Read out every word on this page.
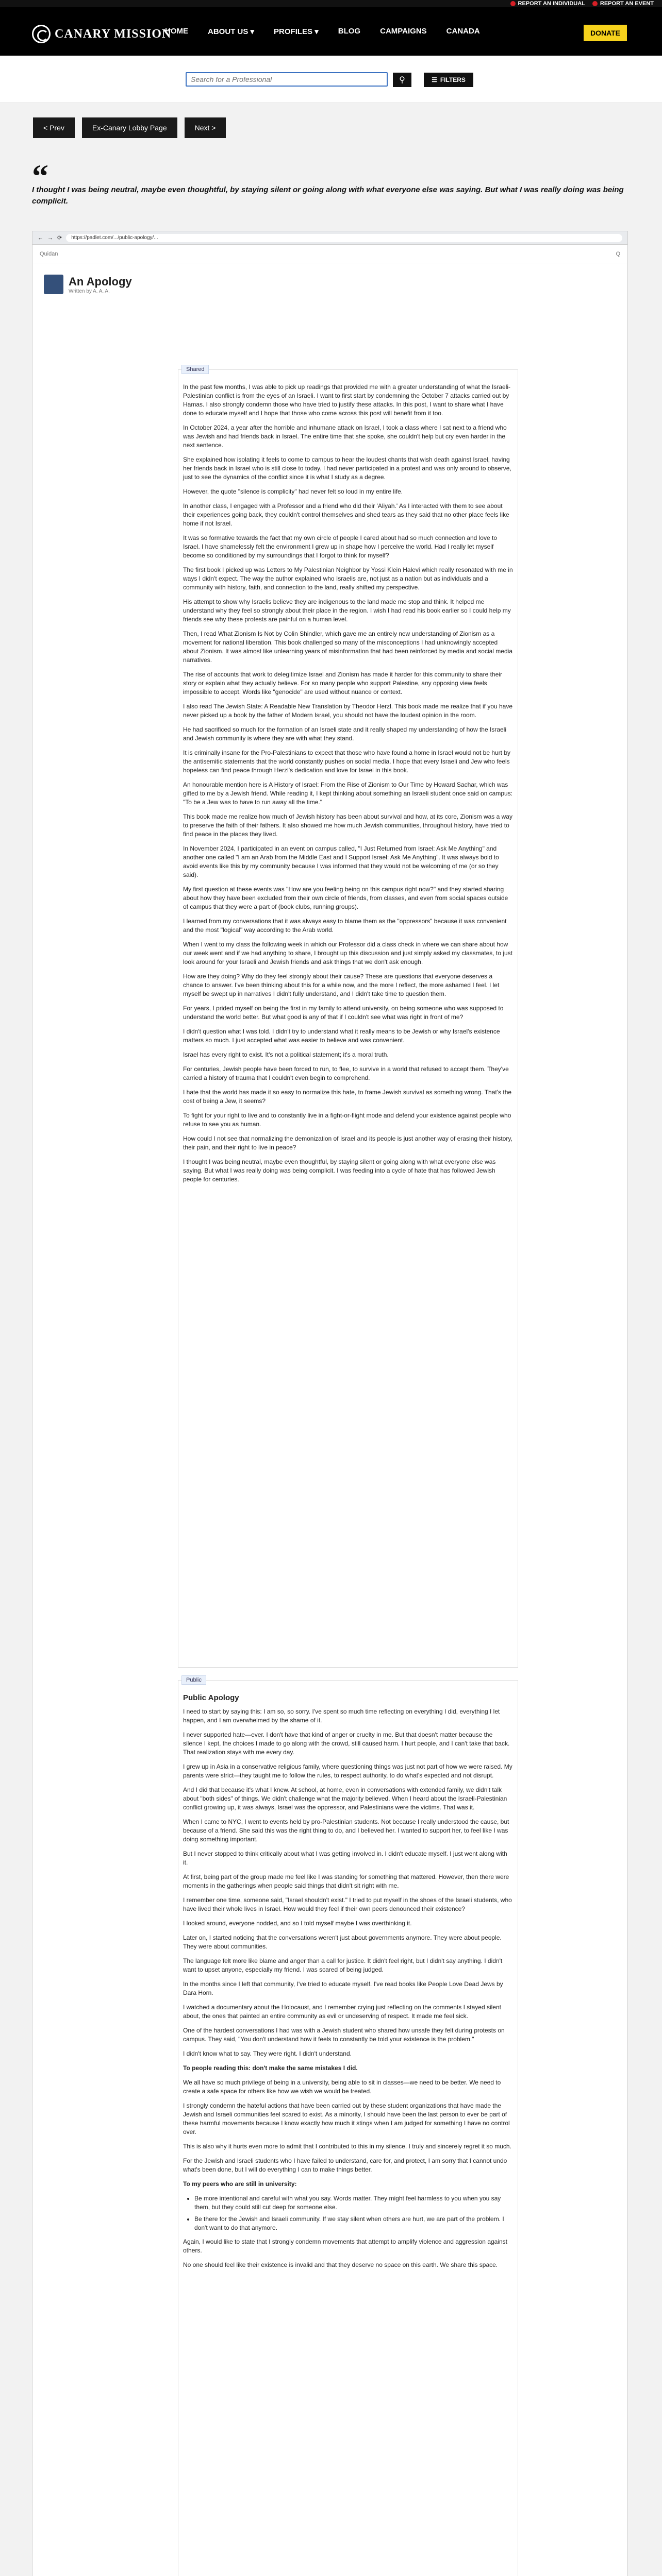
REPORT AN INDIVIDUAL	REPORT AN EVENT
CANARY MISSION
HOME	ABOUT US ▾	PROFILES ▾	BLOG	CAMPAIGNS	CANADA	DONATE
Search for a Professional
⚲	☰ FILTERS
< Prev	Ex-Canary Lobby Page	Next >
“
I thought I was being neutral, maybe even thoughtful, by staying silent or going along with what everyone else was saying. But what I was really doing was being complicit.
← → ⟳	https://padlet.com/.../public-apology/...
Quidan	Q
An Apology
Written by A. A. A.
Shared

In the past few months, I was able to pick up readings that provided me with a greater understanding of what the Israeli-Palestinian conflict is from the eyes of an Israeli. I want to first start by condemning the October 7 attacks carried out by Hamas. I also strongly condemn those who have tried to justify these attacks. In this post, I want to share what I have done to educate myself and I hope that those who come across this post will benefit from it too.

In October 2024, a year after the horrible and inhumane attack on Israel, I took a class where I sat next to a friend who was Jewish and had friends back in Israel. The entire time that she spoke, she couldn't help but cry even harder in the next sentence.

She explained how isolating it feels to come to campus to hear the loudest chants that wish death against Israel, having her friends back in Israel who is still close to today. I had never participated in a protest and was only around to observe, just to see the dynamics of the conflict since it is what I study as a degree.

However, the quote "silence is complicity" had never felt so loud in my entire life.

In another class, I engaged with a Professor and a friend who did their 'Aliyah.' As I interacted with them to see about their experiences going back, they couldn't control themselves and shed tears as they said that no other place feels like home if not Israel.

It was so formative towards the fact that my own circle of people I cared about had so much connection and love to Israel. I have shamelessly felt the environment I grew up in shape how I perceive the world. Had I really let myself become so conditioned by my surroundings that I forgot to think for myself?

The first book I picked up was Letters to My Palestinian Neighbor by Yossi Klein Halevi which really resonated with me in ways I didn't expect. The way the author explained who Israelis are, not just as a nation but as individuals and a community with history, faith, and connection to the land, really shifted my perspective.

His attempt to show why Israelis believe they are indigenous to the land made me stop and think. It helped me understand why they feel so strongly about their place in the region. I wish I had read his book earlier so I could help my friends see why these protests are painful on a human level.

Then, I read What Zionism Is Not by Colin Shindler, which gave me an entirely new understanding of Zionism as a movement for national liberation. This book challenged so many of the misconceptions I had unknowingly accepted about Zionism. It was almost like unlearning years of misinformation that had been reinforced by media and social media narratives.

The rise of accounts that work to delegitimize Israel and Zionism has made it harder for this community to share their story or explain what they actually believe. For so many people who support Palestine, any opposing view feels impossible to accept. Words like "genocide" are used without nuance or context.

I also read The Jewish State: A Readable New Translation by Theodor Herzl. This book made me realize that if you have never picked up a book by the father of Modern Israel, you should not have the loudest opinion in the room.

He had sacrificed so much for the formation of an Israeli state and it really shaped my understanding of how the Israeli and Jewish community is where they are with what they stand.

It is criminally insane for the Pro-Palestinians to expect that those who have found a home in Israel would not be hurt by the antisemitic statements that the world constantly pushes on social media. I hope that every Israeli and Jew who feels hopeless can find peace through Herzl's dedication and love for Israel in this book.

An honourable mention here is A History of Israel: From the Rise of Zionism to Our Time by Howard Sachar, which was gifted to me by a Jewish friend. While reading it, I kept thinking about something an Israeli student once said on campus: "To be a Jew was to have to run away all the time."

This book made me realize how much of Jewish history has been about survival and how, at its core, Zionism was a way to preserve the faith of their fathers. It also showed me how much Jewish communities, throughout history, have tried to find peace in the places they lived.

In November 2024, I participated in an event on campus called, "I Just Returned from Israel: Ask Me Anything" and another one called "I am an Arab from the Middle East and I Support Israel: Ask Me Anything". It was always bold to avoid events like this by my community because I was informed that they would not be welcoming of me (or so they said).

My first question at these events was "How are you feeling being on this campus right now?" and they started sharing about how they have been excluded from their own circle of friends, from classes, and even from social spaces outside of campus that they were a part of (book clubs, running groups).

I learned from my conversations that it was always easy to blame them as the "oppressors" because it was convenient and the most "logical" way according to the Arab world.

When I went to my class the following week in which our Professor did a class check in where we can share about how our week went and if we had anything to share, I brought up this discussion and just simply asked my classmates, to just look around for your Israeli and Jewish friends and ask things that we don't ask enough.

How are they doing? Why do they feel strongly about their cause? These are questions that everyone deserves a chance to answer. I've been thinking about this for a while now, and the more I reflect, the more ashamed I feel. I let myself be swept up in narratives I didn't fully understand, and I didn't take time to question them.

For years, I prided myself on being the first in my family to attend university, on being someone who was supposed to understand the world better. But what good is any of that if I couldn't see what was right in front of me?

I didn't question what I was told. I didn't try to understand what it really means to be Jewish or why Israel's existence matters so much. I just accepted what was easier to believe and was convenient.

Israel has every right to exist. It's not a political statement; it's a moral truth.

For centuries, Jewish people have been forced to run, to flee, to survive in a world that refused to accept them. They've carried a history of trauma that I couldn't even begin to comprehend.

I hate that the world has made it so easy to normalize this hate, to frame Jewish survival as something wrong. That's the cost of being a Jew, it seems?

To fight for your right to live and to constantly live in a fight-or-flight mode and defend your existence against people who refuse to see you as human.

How could I not see that normalizing the demonization of Israel and its people is just another way of erasing their history, their pain, and their right to live in peace?

I thought I was being neutral, maybe even thoughtful, by staying silent or going along with what everyone else was saying. But what I was really doing was being complicit. I was feeding into a cycle of hate that has followed Jewish people for centuries.

Public
Public Apology

I need to start by saying this: I am so, so sorry. I've spent so much time reflecting on everything I did, everything I let happen, and I am overwhelmed by the shame of it.

I never supported hate—ever. I don't have that kind of anger or cruelty in me. But that doesn't matter because the silence I kept, the choices I made to go along with the crowd, still caused harm. I hurt people, and I can't take that back. That realization stays with me every day.

I grew up in Asia in a conservative religious family, where questioning things was just not part of how we were raised. My parents were strict—they taught me to follow the rules, to respect authority, to do what's expected and not disrupt.

And I did that because it's what I knew. At school, at home, even in conversations with extended family, we didn't talk about "both sides" of things. We didn't challenge what the majority believed. When I heard about the Israeli-Palestinian conflict growing up, it was always, Israel was the oppressor, and Palestinians were the victims. That was it.

When I came to NYC, I went to events held by pro-Palestinian students. Not because I really understood the cause, but because of a friend. She said this was the right thing to do, and I believed her. I wanted to support her, to feel like I was doing something important.

But I never stopped to think critically about what I was getting involved in. I didn't educate myself. I just went along with it.

At first, being part of the group made me feel like I was standing for something that mattered. However, then there were moments in the gatherings when people said things that didn't sit right with me.

I remember one time, someone said, "Israel shouldn't exist." I tried to put myself in the shoes of the Israeli students, who have lived their whole lives in Israel. How would they feel if their own peers denounced their existence?

I looked around, everyone nodded, and so I told myself maybe I was overthinking it.

Later on, I started noticing that the conversations weren't just about governments anymore. They were about people. They were about communities.

The language felt more like blame and anger than a call for justice. It didn't feel right, but I didn't say anything. I didn't want to upset anyone, especially my friend. I was scared of being judged.

In the months since I left that community, I've tried to educate myself. I've read books like People Love Dead Jews by Dara Horn.

I watched a documentary about the Holocaust, and I remember crying just reflecting on the comments I stayed silent about, the ones that painted an entire community as evil or undeserving of respect. It made me feel sick.

One of the hardest conversations I had was with a Jewish student who shared how unsafe they felt during protests on campus. They said, "You don't understand how it feels to constantly be told your existence is the problem."

I didn't know what to say. They were right. I didn't understand.

To people reading this: don't make the same mistakes I did.

We all have so much privilege of being in a university, being able to sit in classes—we need to be better. We need to create a safe space for others like how we wish we would be treated.

I strongly condemn the hateful actions that have been carried out by these student organizations that have made the Jewish and Israeli communities feel scared to exist. As a minority, I should have been the last person to ever be part of these harmful movements because I know exactly how much it stings when I am judged for something I have no control over.

This is also why it hurts even more to admit that I contributed to this in my silence. I truly and sincerely regret it so much.

For the Jewish and Israeli students who I have failed to understand, care for, and protect, I am sorry that I cannot undo what's been done, but I will do everything I can to make things better.

To my peers who are still in university:

• Be more intentional and careful with what you say. Words matter. They might feel harmless to you when you say them, but they could still cut deep for someone else.
• Be there for the Jewish and Israeli community. If we stay silent when others are hurt, we are part of the problem. I don't want to do that anymore.

Again, I would like to state that I strongly condemn movements that attempt to amplify violence and aggression against others.

No one should feel like their existence is invalid and that they deserve no space on this earth. We share this space.
